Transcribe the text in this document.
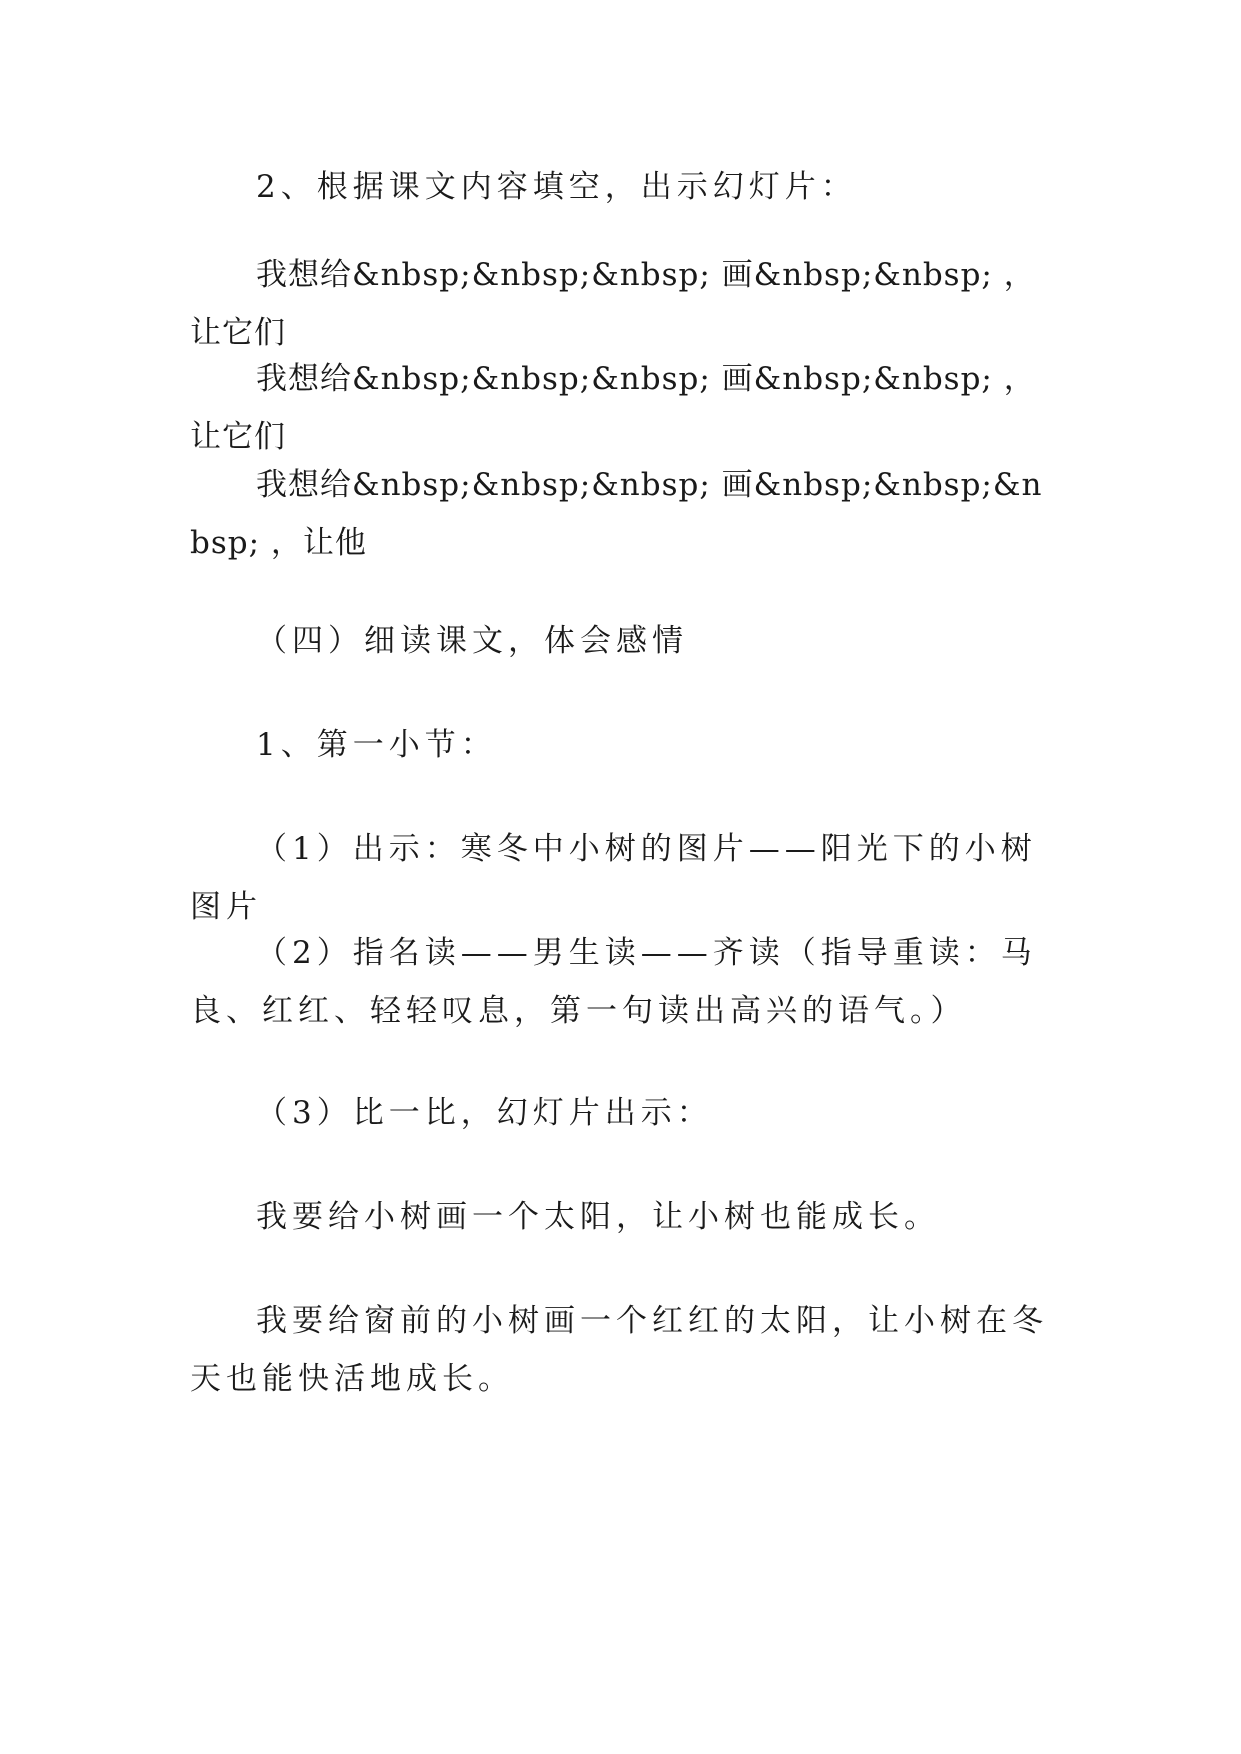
2、根据课文内容填空，出示幻灯片：

我想给&nbsp;&nbsp;&nbsp; 画&nbsp;&nbsp; ，让它们

我想给&nbsp;&nbsp;&nbsp; 画&nbsp;&nbsp; ，让它们

我想给&nbsp;&nbsp;&nbsp; 画&nbsp;&nbsp;&nbsp; ，让他

（四）细读课文，体会感情

1、第一小节：

（1）出示：寒冬中小树的图片——阳光下的小树图片

（2）指名读——男生读——齐读（指导重读：马良、红红、轻轻叹息，第一句读出高兴的语气。）

（3）比一比，幻灯片出示：

我要给小树画一个太阳，让小树也能成长。

我要给窗前的小树画一个红红的太阳，让小树在冬天也能快活地成长。
